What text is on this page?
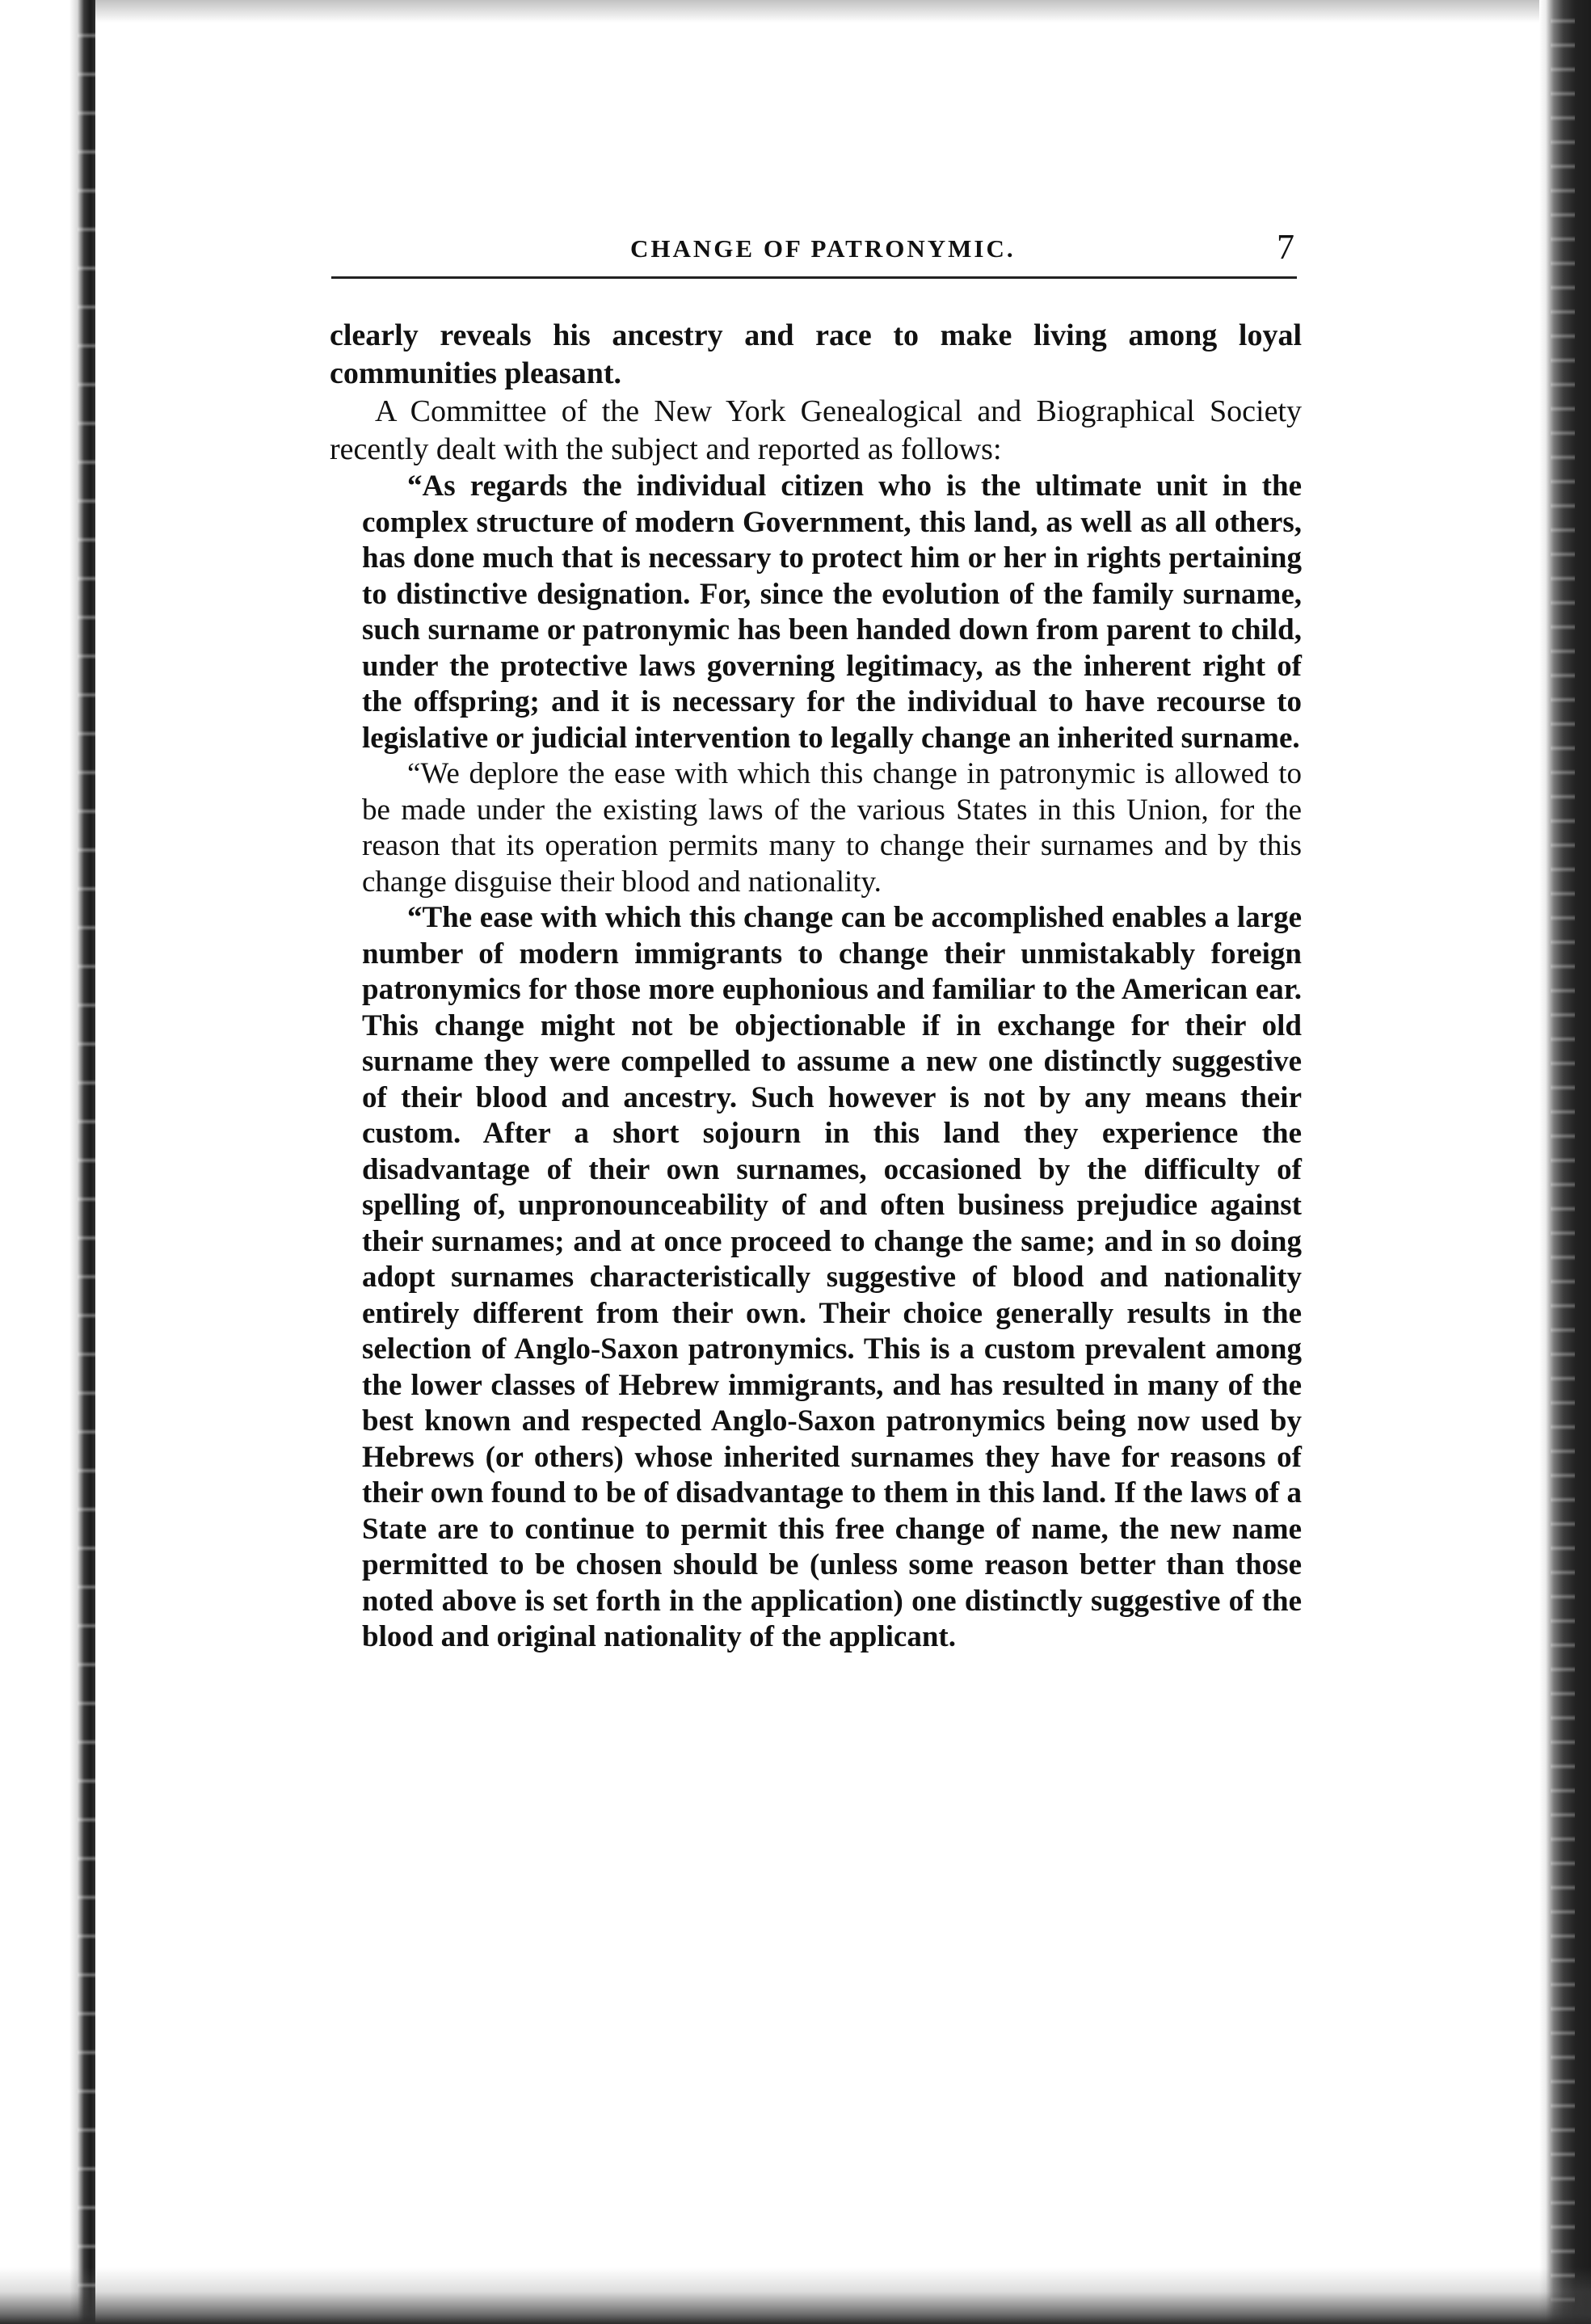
CHANGE OF PATRONYMIC.	7

clearly reveals his ancestry and race to make living among loyal communities pleasant.

A Committee of the New York Genealogical and Biographical Society recently dealt with the subject and reported as follows:

“As regards the individual citizen who is the ultimate unit in the complex structure of modern Government, this land, as well as all others, has done much that is necessary to protect him or her in rights pertaining to distinctive designation. For, since the evolution of the family surname, such surname or patronymic has been handed down from parent to child, under the protective laws governing legitimacy, as the inherent right of the offspring; and it is necessary for the individual to have recourse to legislative or judicial intervention to legally change an inherited surname.

“We deplore the ease with which this change in patronymic is allowed to be made under the existing laws of the various States in this Union, for the reason that its operation permits many to change their surnames and by this change disguise their blood and nationality.

“The ease with which this change can be accomplished enables a large number of modern immigrants to change their unmistakably foreign patronymics for those more euphonious and familiar to the American ear. This change might not be objectionable if in exchange for their old surname they were compelled to assume a new one distinctly suggestive of their blood and ancestry. Such however is not by any means their custom. After a short sojourn in this land they experience the disadvantage of their own surnames, occasioned by the difficulty of spelling of, unpronounceability of and often business prejudice against their surnames; and at once proceed to change the same; and in so doing adopt surnames characteristically suggestive of blood and nationality entirely different from their own. Their choice generally results in the selection of Anglo-Saxon patronymics. This is a custom prevalent among the lower classes of Hebrew immigrants, and has resulted in many of the best known and respected Anglo-Saxon patronymics being now used by Hebrews (or others) whose inherited surnames they have for reasons of their own found to be of disadvantage to them in this land. If the laws of a State are to continue to permit this free change of name, the new name permitted to be chosen should be (unless some reason better than those noted above is set forth in the application) one distinctly suggestive of the blood and original nationality of the applicant.
